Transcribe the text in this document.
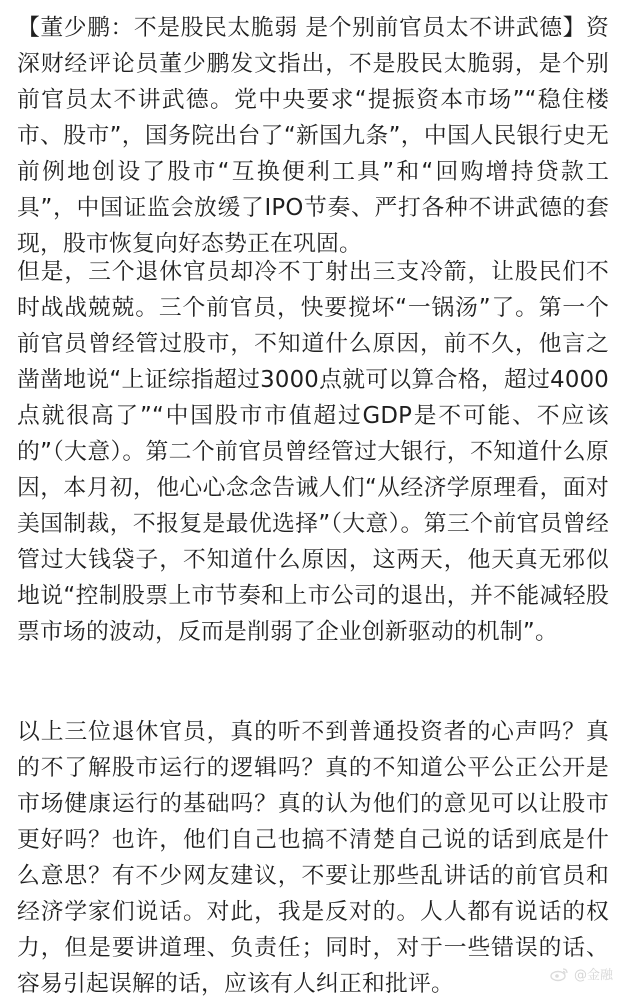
【董少鹏：不是股民太脆弱 是个别前官员太不讲武德】资深财经评论员董少鹏发文指出，不是股民太脆弱，是个别前官员太不讲武德。党中央要求“提振资本市场”“稳住楼市、股市”，国务院出台了“新国九条”，中国人民银行史无前例地创设了股市“互换便利工具”和“回购增持贷款工具”，中国证监会放缓了IPO节奏、严打各种不讲武德的套现，股市恢复向好态势正在巩固。

但是，三个退休官员却冷不丁射出三支冷箭，让股民们不时战战兢兢。三个前官员，快要搅坏“一锅汤”了。第一个前官员曾经管过股市，不知道什么原因，前不久，他言之凿凿地说“上证综指超过3000点就可以算合格，超过4000点就很高了”“中国股市市值超过GDP是不可能、不应该的”（大意）。第二个前官员曾经管过大银行，不知道什么原因，本月初，他心心念念告诫人们“从经济学原理看，面对美国制裁，不报复是最优选择”（大意）。第三个前官员曾经管过大钱袋子，不知道什么原因，这两天，他天真无邪似地说“控制股票上市节奏和上市公司的退出，并不能减轻股票市场的波动，反而是削弱了企业创新驱动的机制”。

以上三位退休官员，真的听不到普通投资者的心声吗？真的不了解股市运行的逻辑吗？真的不知道公平公正公开是市场健康运行的基础吗？真的认为他们的意见可以让股市更好吗？也许，他们自己也搞不清楚自己说的话到底是什么意思？有不少网友建议，不要让那些乱讲话的前官员和经济学家们说话。对此，我是反对的。人人都有说话的权力，但是要讲道理、负责任；同时，对于一些错误的话、容易引起误解的话，应该有人纠正和批评。	@金融
